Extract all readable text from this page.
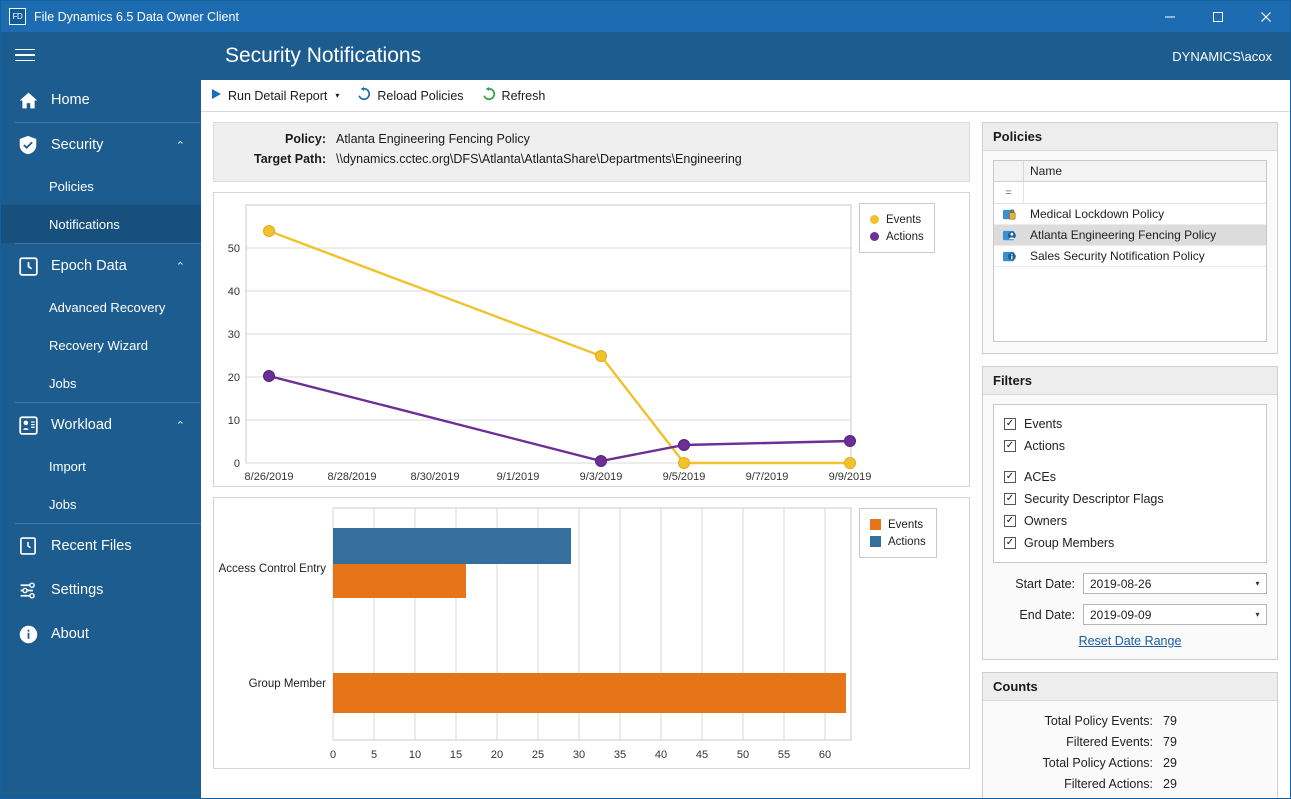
FD File Dynamics 6.5 Data Owner Client
Home
Security	⌃
Policies
Notifications
Epoch Data	⌃
Advanced Recovery
Recovery Wizard
Jobs
Workload	⌃
Import
Jobs
Recent Files
Settings
About
Security Notifications	DYNAMICS\acox
Run Detail Report ▾	Reload Policies	Refresh
Policy: Atlanta Engineering Fencing Policy
Target Path: \\dynamics.cctec.org\DFS\Atlanta\AtlantaShare\Departments\Engineering
0
10
20
30
40
50
8/26/2019	8/28/2019	8/30/2019	9/1/2019	9/3/2019	9/5/2019	9/7/2019	9/9/2019
Events
Actions
Access Control Entry
Group Member
0	5	10	15	20	25	30	35	40	45	50	55	60
Events
Actions
Policies
Name
=
Medical Lockdown Policy
Atlanta Engineering Fencing Policy
Sales Security Notification Policy
Filters
✓ Events
✓ Actions
✓ ACEs
✓ Security Descriptor Flags
✓ Owners
✓ Group Members
Start Date: 2019-08-26	▾
End Date: 2019-09-09	▾
Reset Date Range
Counts
Total Policy Events: 79
Filtered Events: 79
Total Policy Actions: 29
Filtered Actions: 29
